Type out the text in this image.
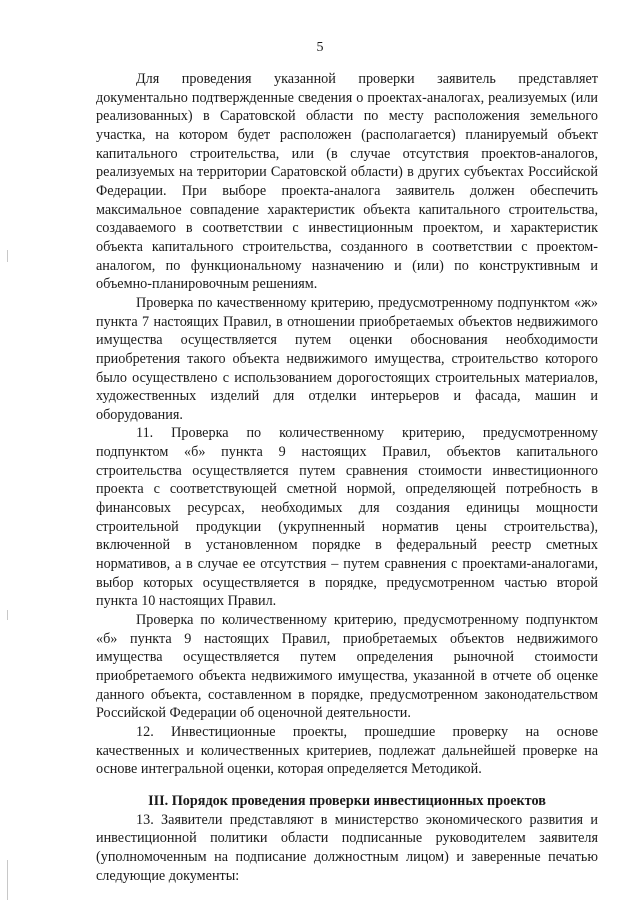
5

Для проведения указанной проверки заявитель представляет документально подтвержденные сведения о проектах-аналогах, реализуемых (или реализованных) в Саратовской области по месту расположения земельного участка, на котором будет расположен (располагается) планируемый объект капитального строительства, или (в случае отсутствия проектов-аналогов, реализуемых на территории Саратовской области) в других субъектах Российской Федерации. При выборе проекта-аналога заявитель должен обеспечить максимальное совпадение характеристик объекта капитального строительства, создаваемого в соответствии с инвестиционным проектом, и характеристик объекта капитального строительства, созданного в соответствии с проектом-аналогом, по функциональному назначению и (или) по конструктивным и объемно-планировочным решениям.

Проверка по качественному критерию, предусмотренному подпунктом «ж» пункта 7 настоящих Правил, в отношении приобретаемых объектов недвижимого имущества осуществляется путем оценки обоснования необходимости приобретения такого объекта недвижимого имущества, строительство которого было осуществлено с использованием дорогостоящих строительных материалов, художественных изделий для отделки интерьеров и фасада, машин и оборудования.

11. Проверка по количественному критерию, предусмотренному подпунктом «б» пункта 9 настоящих Правил, объектов капитального строительства осуществляется путем сравнения стоимости инвестиционного проекта с соответствующей сметной нормой, определяющей потребность в финансовых ресурсах, необходимых для создания единицы мощности строительной продукции (укрупненный норматив цены строительства), включенной в установленном порядке в федеральный реестр сметных нормативов, а в случае ее отсутствия – путем сравнения с проектами-аналогами, выбор которых осуществляется в порядке, предусмотренном частью второй пункта 10 настоящих Правил.

Проверка по количественному критерию, предусмотренному подпунктом «б» пункта 9 настоящих Правил, приобретаемых объектов недвижимого имущества осуществляется путем определения рыночной стоимости приобретаемого объекта недвижимого имущества, указанной в отчете об оценке данного объекта, составленном в порядке, предусмотренном законодательством Российской Федерации об оценочной деятельности.

12. Инвестиционные проекты, прошедшие проверку на основе качественных и количественных критериев, подлежат дальнейшей проверке на основе интегральной оценки, которая определяется Методикой.

III. Порядок проведения проверки инвестиционных проектов

13. Заявители представляют в министерство экономического развития и инвестиционной политики области подписанные руководителем заявителя (уполномоченным на подписание должностным лицом) и заверенные печатью следующие документы:
